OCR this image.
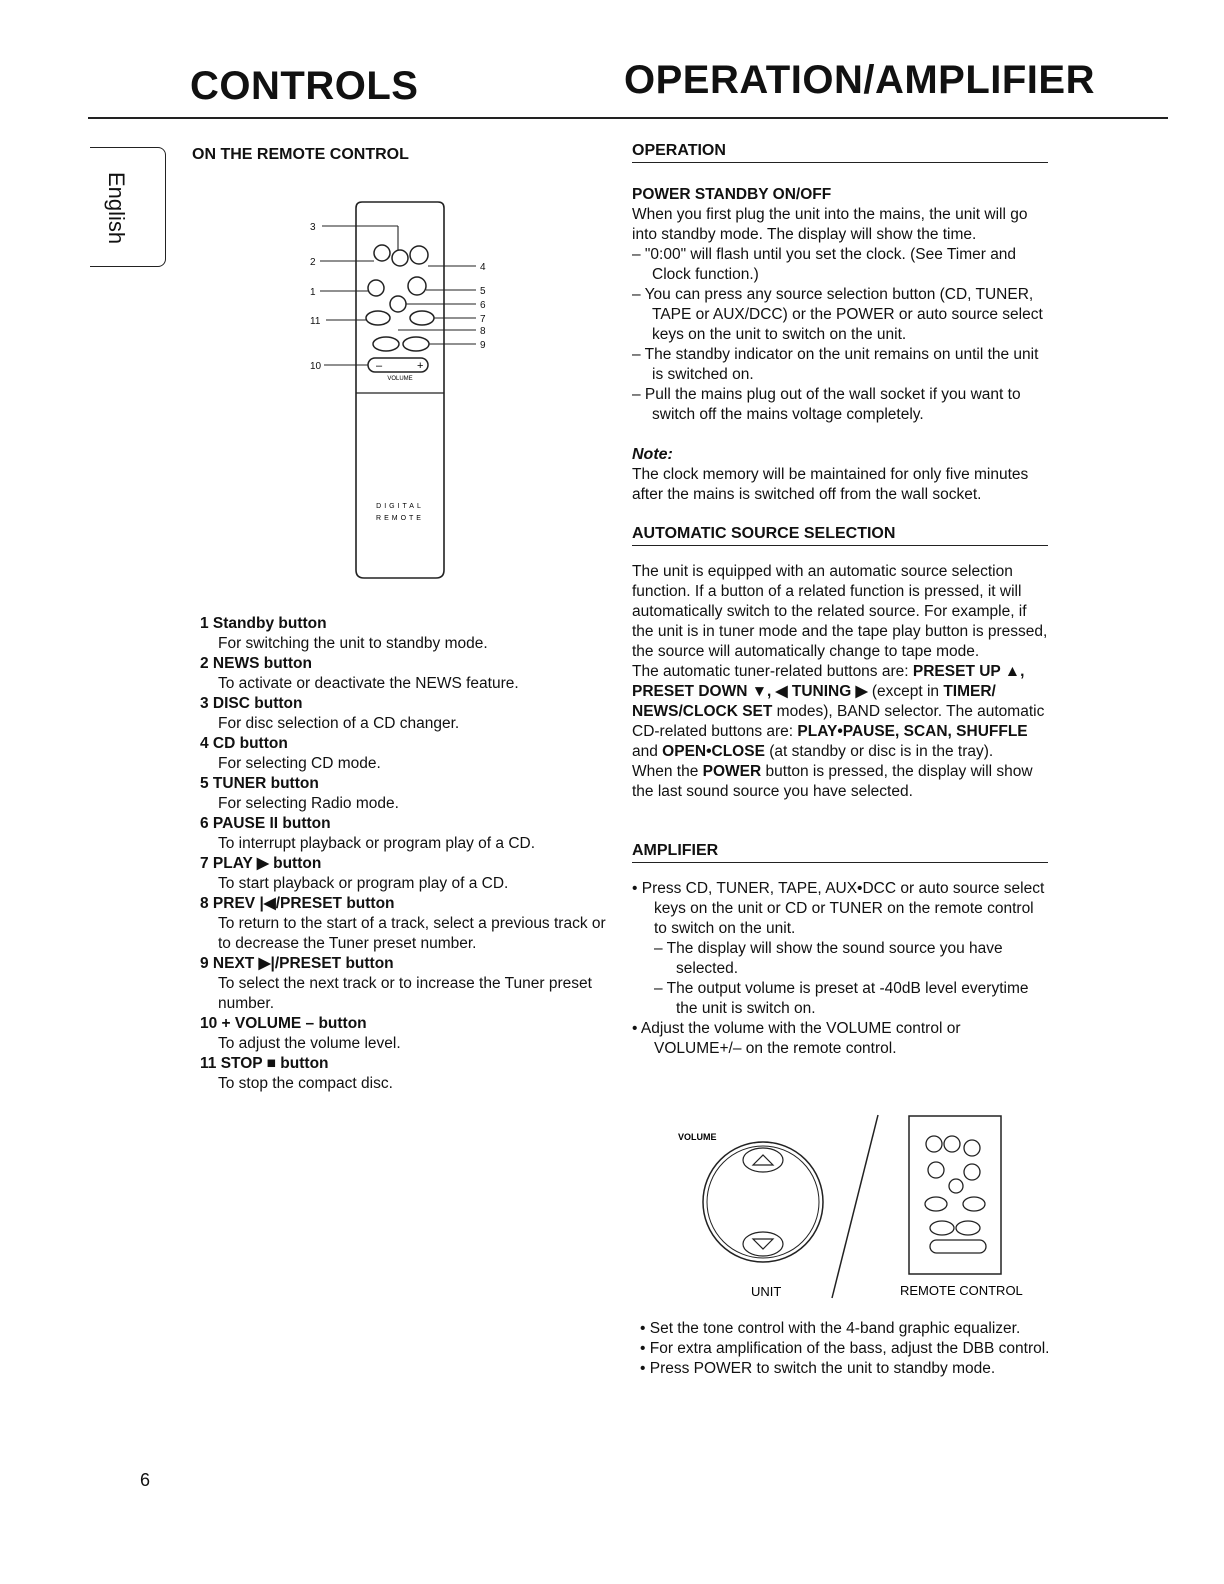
CONTROLS	OPERATION/AMPLIFIER
English
ON THE REMOTE CONTROL
–	+
3
2
1
4
5
6
7
8
9
11
10
VOLUME
DIGITAL
REMOTE
1 Standby button
For switching the unit to standby mode.
2 NEWS button
To activate or deactivate the NEWS feature.
3 DISC button
For disc selection of a CD changer.
4 CD button
For selecting CD mode.
5 TUNER button
For selecting Radio mode.
6 PAUSE II button
To interrupt playback or program play of a CD.
7 PLAY ▶ button
To start playback or program play of a CD.
8 PREV |◀/PRESET button
To return to the start of a track, select a previous track or to decrease the Tuner preset number.
9 NEXT ▶|/PRESET button
To select the next track or to increase the Tuner preset number.
10 + VOLUME – button
To adjust the volume level.
11 STOP ■ button
To stop the compact disc.
OPERATION
POWER STANDBY ON/OFF
When you first plug the unit into the mains, the unit will go into standby mode. The display will show the time.
– "0:00" will flash until you set the clock. (See Timer and Clock function.)
– You can press any source selection button (CD, TUNER, TAPE or AUX/DCC) or the POWER or auto source select keys on the unit to switch on the unit.
– The standby indicator on the unit remains on until the unit is switched on.
– Pull the mains plug out of the wall socket if you want to switch off the mains voltage completely.
Note:
The clock memory will be maintained for only five minutes after the mains is switched off from the wall socket.
AUTOMATIC SOURCE SELECTION
The unit is equipped with an automatic source selection function. If a button of a related function is pressed, it will automatically switch to the related source. For example, if the unit is in tuner mode and the tape play button is pressed, the source will automatically change to tape mode.
The automatic tuner-related buttons are: PRESET UP ▲, PRESET DOWN ▼, ◀ TUNING ▶ (except in TIMER/ NEWS/CLOCK SET modes), BAND selector. The automatic CD-related buttons are: PLAY•PAUSE, SCAN, SHUFFLE and OPEN•CLOSE (at standby or disc is in the tray).
When the POWER button is pressed, the display will show the last sound source you have selected.
AMPLIFIER
• Press CD, TUNER, TAPE, AUX•DCC or auto source select keys on the unit or CD or TUNER on the remote control to switch on the unit.
– The display will show the sound source you have selected.
– The output volume is preset at -40dB level everytime the unit is switch on.
• Adjust the volume with the VOLUME control or VOLUME+/– on the remote control.
VOLUME
UNIT	REMOTE CONTROL
• Set the tone control with the 4-band graphic equalizer.
• For extra amplification of the bass, adjust the DBB control.
• Press POWER to switch the unit to standby mode.
6
